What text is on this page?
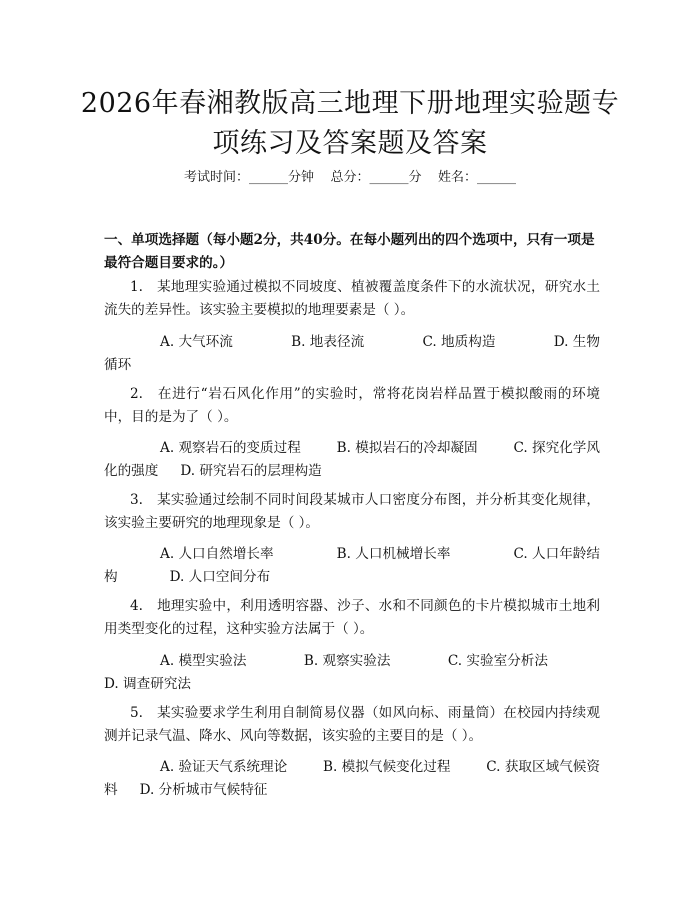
2026年春湘教版高三地理下册地理实验题专
项练习及答案题及答案
考试时间：______分钟    总分：______分    姓名：______
一、单项选择题（每小题2分，共40分。在每小题列出的四个选项中，只有一项是最符合题目要求的。）
1.　某地理实验通过模拟不同坡度、植被覆盖度条件下的水流状况，研究水土流失的差异性。该实验主要模拟的地理要素是（ ）。
A. 大气环流	B. 地表径流	C. 地质构造	D. 生物
循环
2.　在进行“岩石风化作用”的实验时，常将花岗岩样品置于模拟酸雨的环境中，目的是为了（ ）。
A. 观察岩石的变质过程	B. 模拟岩石的冷却凝固	C. 探究化学风
化的强度 D. 研究岩石的层理构造
3.　某实验通过绘制不同时间段某城市人口密度分布图，并分析其变化规律，该实验主要研究的地理现象是（ ）。
A. 人口自然增长率	B. 人口机械增长率	C. 人口年龄结
构	D. 人口空间分布
4.　地理实验中，利用透明容器、沙子、水和不同颜色的卡片模拟城市土地利用类型变化的过程，这种实验方法属于（ ）。
A. 模型实验法	B. 观察实验法	C. 实验室分析法
D. 调查研究法
5.　某实验要求学生利用自制简易仪器（如风向标、雨量筒）在校园内持续观测并记录气温、降水、风向等数据，该实验的主要目的是（ ）。
A. 验证天气系统理论	B. 模拟气候变化过程	C. 获取区域气候资
料 D. 分析城市气候特征
